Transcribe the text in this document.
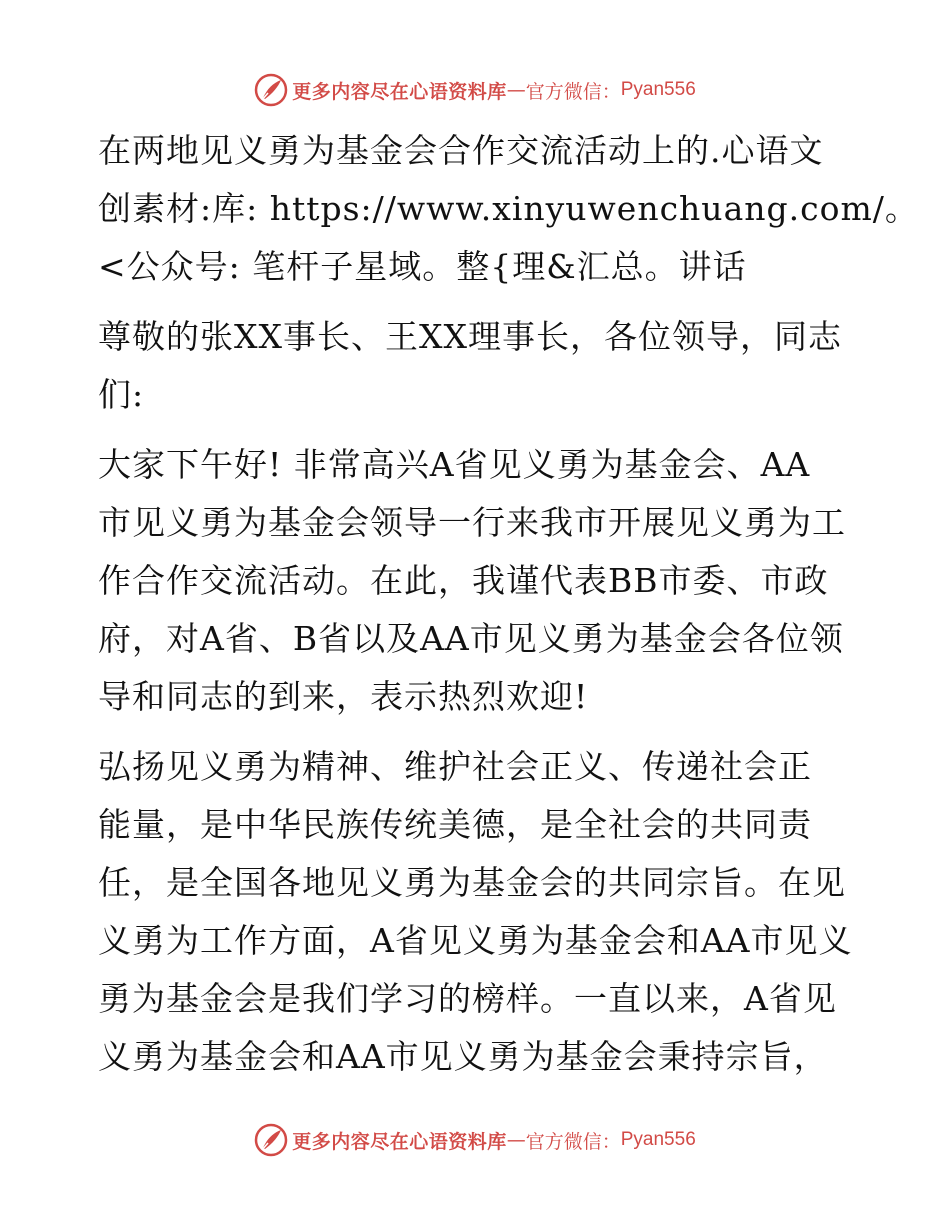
更多内容尽在心语资料库 — 官方微信： Pyan556

在两地见义勇为基金会合作交流活动上的.心语文
创素材:库: https://www.xinyuwenchuang.com/。
<公众号: 笔杆子星域。整{理&汇总。讲话

尊敬的张XX事长、王XX理事长，各位领导，同志
们:

大家下午好! 非常高兴A省见义勇为基金会、AA
市见义勇为基金会领导一行来我市开展见义勇为工
作合作交流活动。在此，我谨代表BB市委、市政
府，对A省、B省以及AA市见义勇为基金会各位领
导和同志的到来，表示热烈欢迎!

弘扬见义勇为精神、维护社会正义、传递社会正
能量，是中华民族传统美德，是全社会的共同责
任，是全国各地见义勇为基金会的共同宗旨。在见
义勇为工作方面，A省见义勇为基金会和AA市见义
勇为基金会是我们学习的榜样。一直以来，A省见
义勇为基金会和AA市见义勇为基金会秉持宗旨，

更多内容尽在心语资料库 — 官方微信： Pyan556
